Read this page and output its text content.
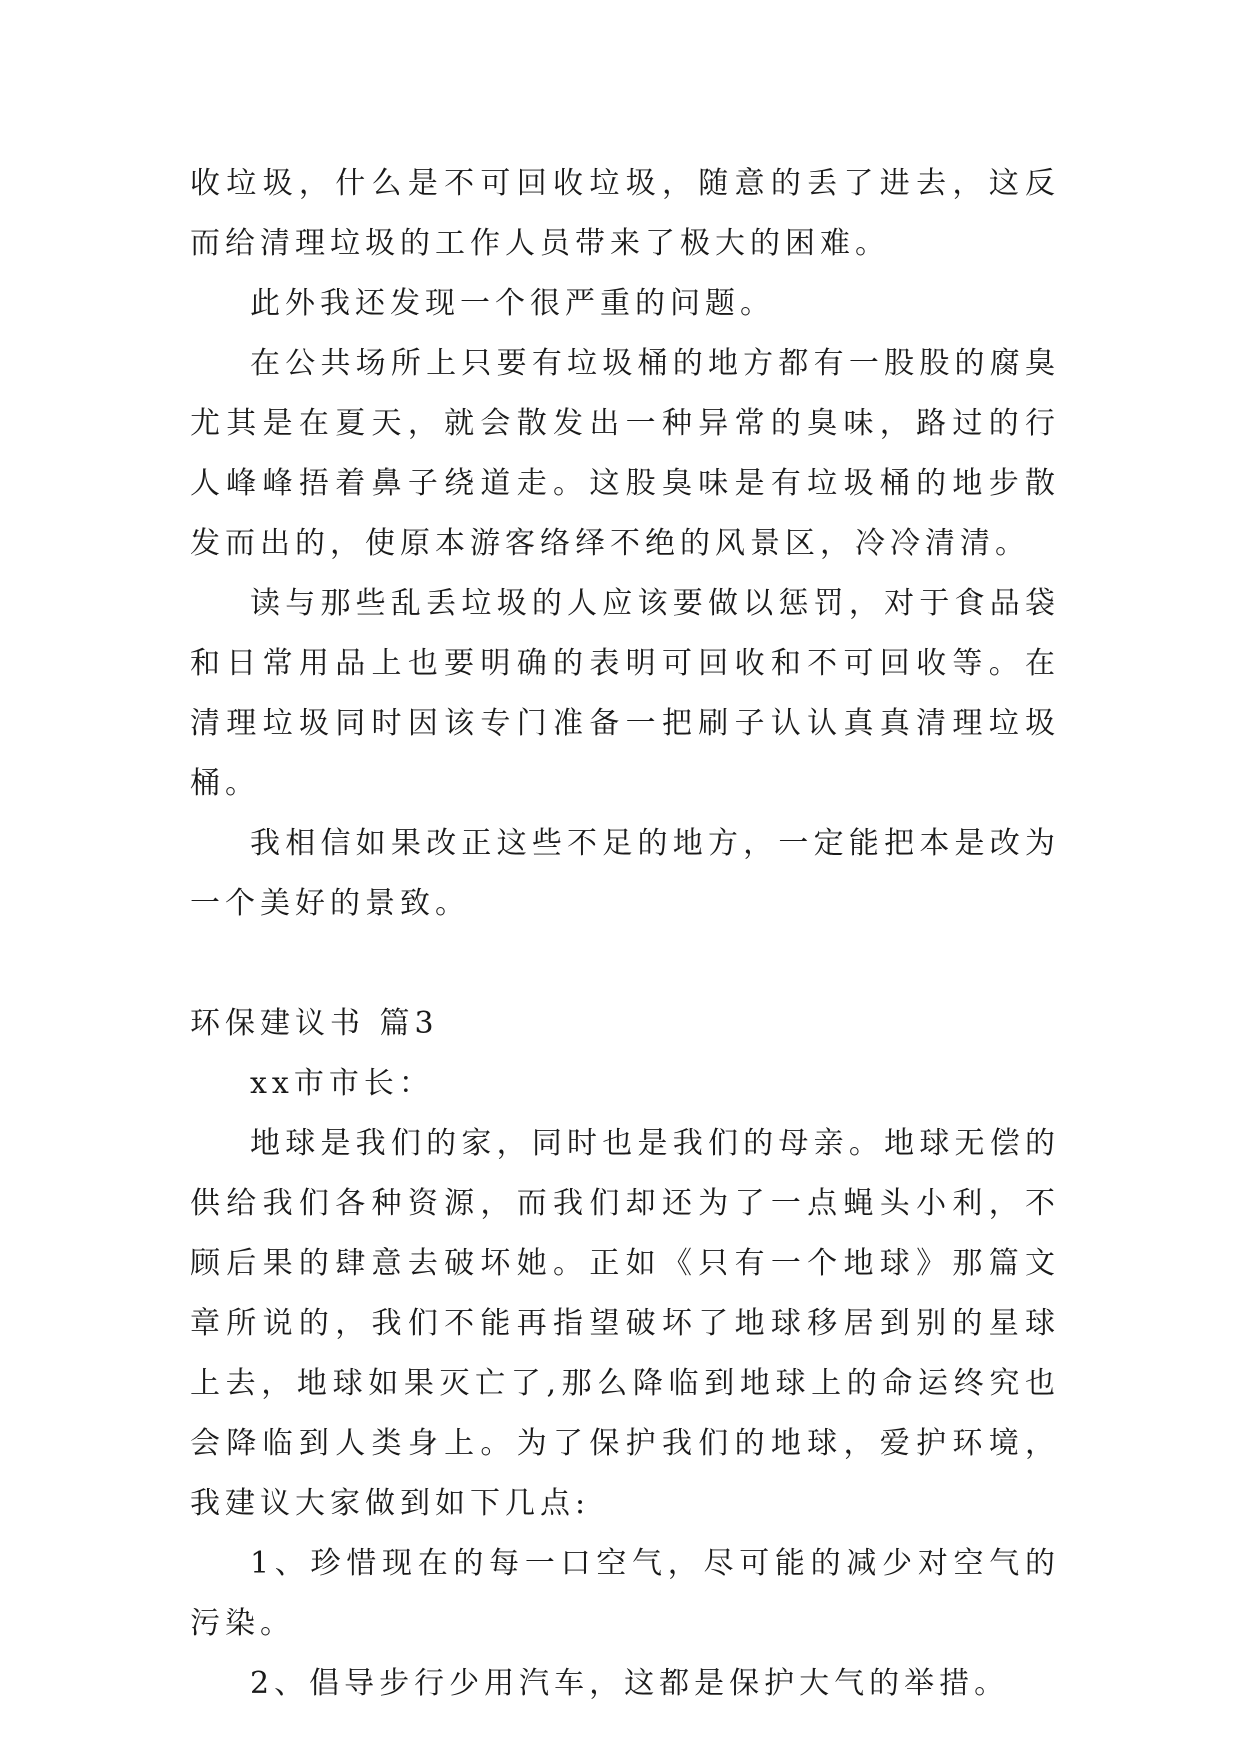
收垃圾，什么是不可回收垃圾，随意的丢了进去，这反而给清理垃圾的工作人员带来了极大的困难。

此外我还发现一个很严重的问题。

在公共场所上只要有垃圾桶的地方都有一股股的腐臭尤其是在夏天，就会散发出一种异常的臭味，路过的行人峰峰捂着鼻子绕道走。这股臭味是有垃圾桶的地步散发而出的，使原本游客络绎不绝的风景区，冷冷清清。

读与那些乱丢垃圾的人应该要做以惩罚，对于食品袋和日常用品上也要明确的表明可回收和不可回收等。在清理垃圾同时因该专门准备一把刷子认认真真清理垃圾桶。

我相信如果改正这些不足的地方，一定能把本是改为一个美好的景致。

环保建议书 篇3

xx市市长：

地球是我们的家，同时也是我们的母亲。地球无偿的供给我们各种资源，而我们却还为了一点蝇头小利，不顾后果的肆意去破坏她。正如《只有一个地球》那篇文章所说的，我们不能再指望破坏了地球移居到别的星球上去，地球如果灭亡了,那么降临到地球上的命运终究也会降临到人类身上。为了保护我们的地球，爱护环境，我建议大家做到如下几点:

1、珍惜现在的每一口空气，尽可能的减少对空气的污染。

2、倡导步行少用汽车，这都是保护大气的举措。
